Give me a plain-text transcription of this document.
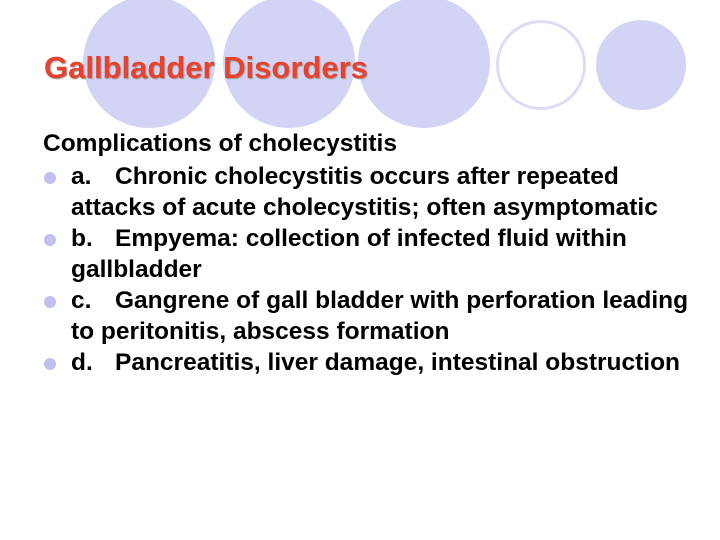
Gallbladder Disorders
Complications of cholecystitis
a. Chronic cholecystitis occurs after repeated attacks of acute cholecystitis; often asymptomatic
b. Empyema: collection of infected fluid within gallbladder
c. Gangrene of gall bladder with perforation leading to peritonitis, abscess formation
d. Pancreatitis, liver damage, intestinal obstruction
